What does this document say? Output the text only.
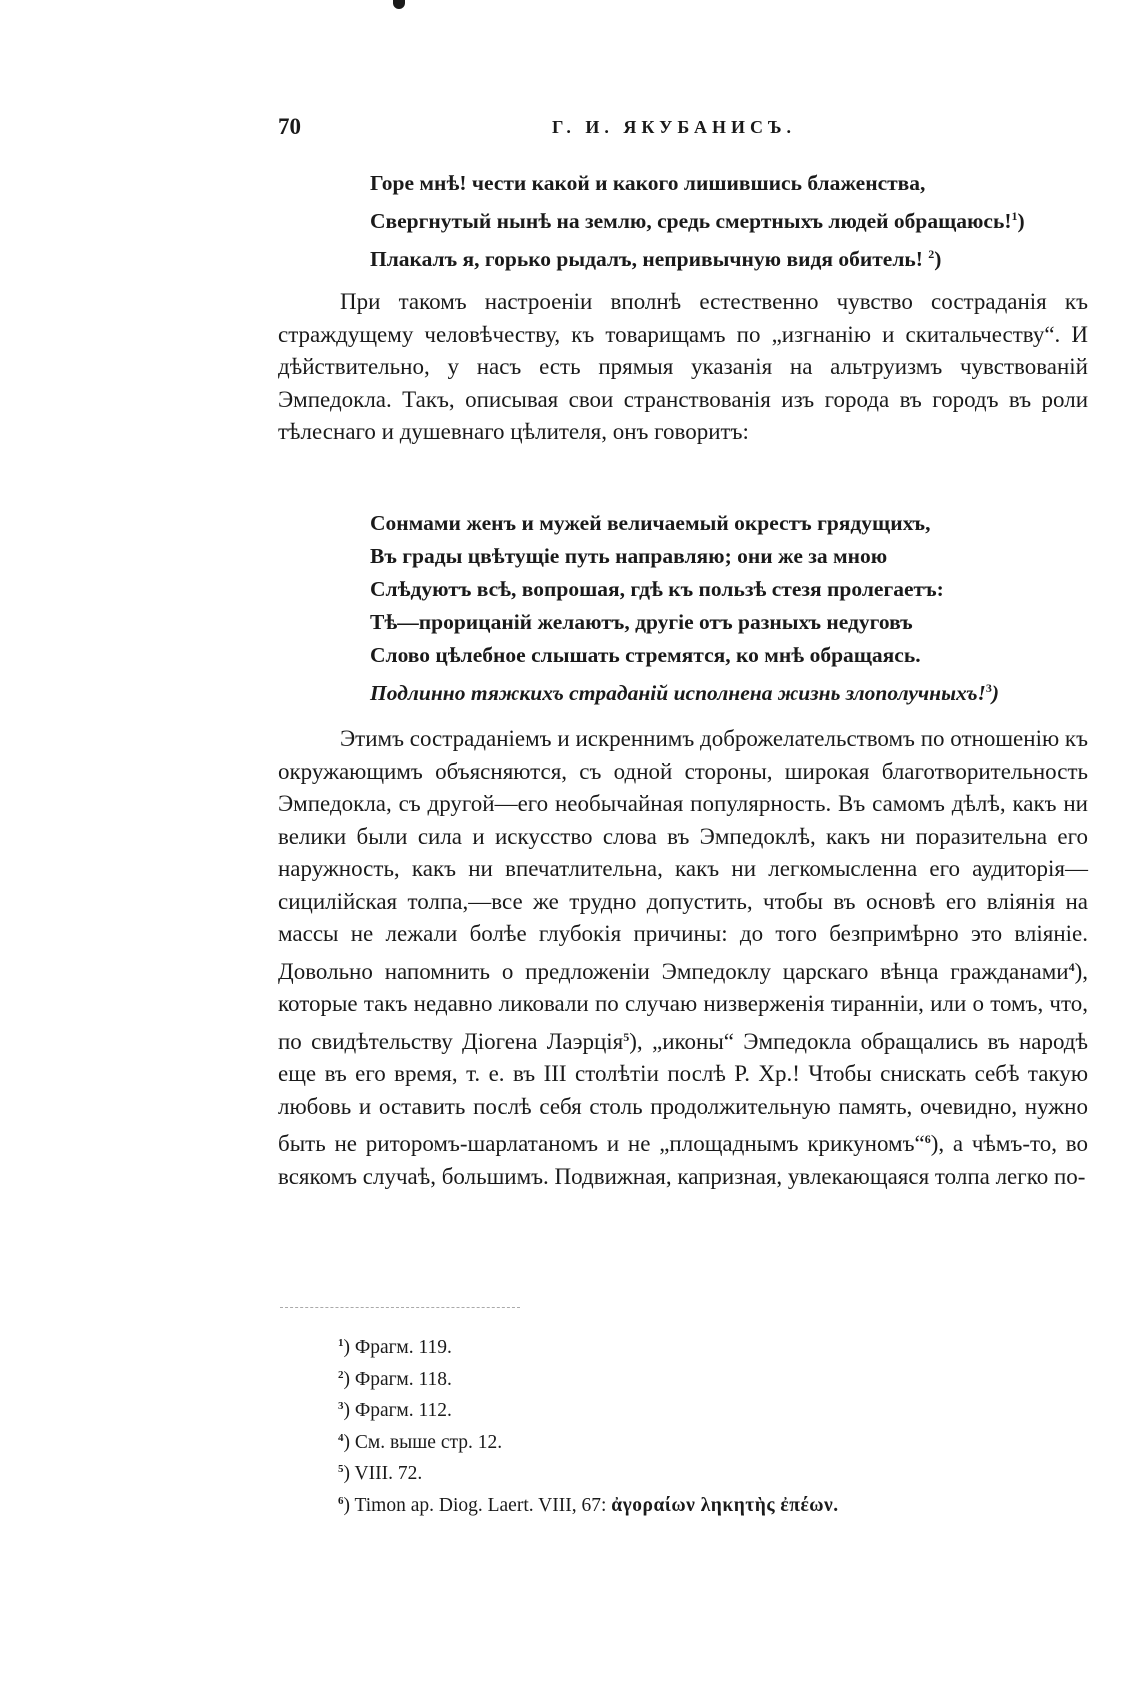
70	Г. И. ЯКУБАНИСЪ.
Горе мнѣ! чести какой и какого лишившись блаженства,
Свергнутый нынѣ на землю, средь смертныхъ людей обращаюсь!$^1$)
Плакалъ я, горько рыдалъ, непривычную видя обитель! $^2$)

При такомъ настроеніи вполнѣ естественно чувство состраданія къ страждущему человѣчеству, къ товарищамъ по „изгнанію и скитальчеству“. И дѣйствительно, у насъ есть прямыя указанія на альтруизмъ чувствованій Эмпедокла. Такъ, описывая свои странствованія изъ города въ городъ въ роли тѣлеснаго и душевнаго цѣлителя, онъ говоритъ:

Сонмами женъ и мужей величаемый окрестъ грядущихъ,
Въ грады цвѣтущіе путь направляю; они же за мною
Слѣдуютъ всѣ, вопрошая, гдѣ къ пользѣ стезя пролегаетъ:
Тѣ—прорицаній желаютъ, другіе отъ разныхъ недуговъ
Слово цѣлебное слышать стремятся, ко мнѣ обращаясь.
Подлинно тяжкихъ страданій исполнена жизнь злополучныхъ!$^3$)

Этимъ состраданіемъ и искреннимъ доброжелательствомъ по отношенію къ окружающимъ объясняются, съ одной стороны, широкая благотворительность Эмпедокла, съ другой—его необычайная популярность. Въ самомъ дѣлѣ, какъ ни велики были сила и искусство слова въ Эмпедоклѣ, какъ ни поразительна его наружность, какъ ни впечатлительна, какъ ни легкомысленна его аудиторія—сицилійская толпа,—все же трудно допустить, чтобы въ основѣ его вліянія на массы не лежали болѣе глубокія причины: до того безпримѣрно это вліяніе. Довольно напомнить о предложеніи Эмпедоклу царскаго вѣнца гражданами$^4$), которые такъ недавно ликовали по случаю низверженія тиранніи, или о томъ, что, по свидѣтельству Діогена Лаэрція$^5$), „иконы“ Эмпедокла обращались въ народѣ еще въ его время, т. е. въ III столѣтіи послѣ Р. Хр.! Чтобы снискать себѣ такую любовь и оставить послѣ себя столь продолжительную память, очевидно, нужно быть не риторомъ-шарлатаномъ и не „площаднымъ крикуномъ“$^6$), а чѣмъ-то, во всякомъ случаѣ, большимъ. Подвижная, капризная, увлекающаяся толпа легко по-

$^1$) Фрагм. 119.
$^2$) Фрагм. 118.
$^3$) Фрагм. 112.
$^4$) См. выше стр. 12.
$^5$) VIII. 72.
$^6$) Timon ap. Diog. Laert. VIII, 67: ἀγοραίων ληκητὴς ἐπέων.
